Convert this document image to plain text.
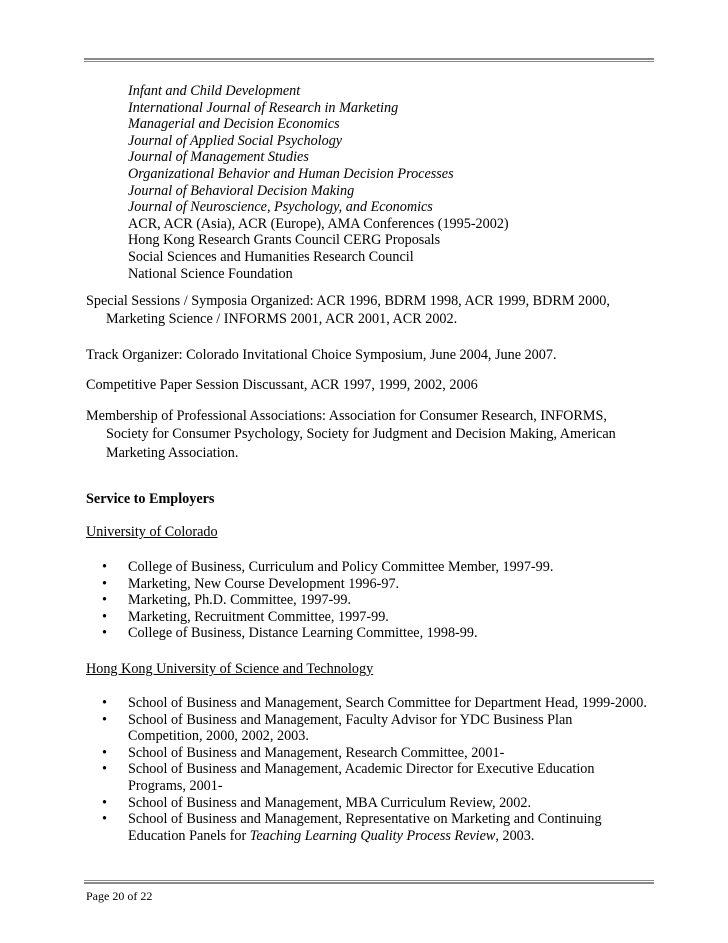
Infant and Child Development
International Journal of Research in Marketing
Managerial and Decision Economics
Journal of Applied Social Psychology
Journal of Management Studies
Organizational Behavior and Human Decision Processes
Journal of Behavioral Decision Making
Journal of Neuroscience, Psychology, and Economics
ACR, ACR (Asia), ACR (Europe), AMA Conferences (1995-2002)
Hong Kong Research Grants Council CERG Proposals
Social Sciences and Humanities Research Council
National Science Foundation
Special Sessions / Symposia Organized: ACR 1996, BDRM 1998, ACR 1999, BDRM 2000,
Marketing Science / INFORMS 2001, ACR 2001, ACR 2002.
Track Organizer: Colorado Invitational Choice Symposium, June 2004, June 2007.
Competitive Paper Session Discussant, ACR 1997, 1999, 2002, 2006
Membership of Professional Associations: Association for Consumer Research, INFORMS,
Society for Consumer Psychology, Society for Judgment and Decision Making, American
Marketing Association.
Service to Employers
University of Colorado
• College of Business, Curriculum and Policy Committee Member, 1997-99.
• Marketing, New Course Development 1996-97.
• Marketing, Ph.D. Committee, 1997-99.
• Marketing, Recruitment Committee, 1997-99.
• College of Business, Distance Learning Committee, 1998-99.
Hong Kong University of Science and Technology
• School of Business and Management, Search Committee for Department Head, 1999-2000.
• School of Business and Management, Faculty Advisor for YDC Business Plan
Competition, 2000, 2002, 2003.
• School of Business and Management, Research Committee, 2001-
• School of Business and Management, Academic Director for Executive Education
Programs, 2001-
• School of Business and Management, MBA Curriculum Review, 2002.
• School of Business and Management, Representative on Marketing and Continuing
Education Panels for Teaching Learning Quality Process Review, 2003.
Page 20 of 22
